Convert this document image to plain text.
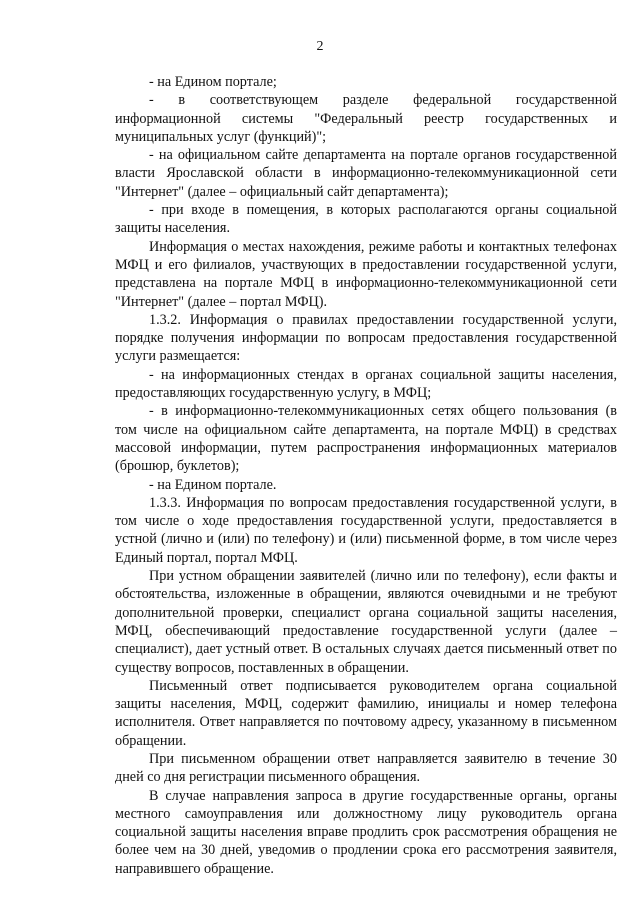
2

- на Едином портале;

- в соответствующем разделе федеральной государственной информационной системы "Федеральный реестр государственных и муниципальных услуг (функций)";

- на официальном сайте департамента на портале органов государственной власти Ярославской области в информационно-телекоммуникационной сети "Интернет" (далее – официальный сайт департамента);

- при входе в помещения, в которых располагаются органы социальной защиты населения.

Информация о местах нахождения, режиме работы и контактных телефонах МФЦ и его филиалов, участвующих в предоставлении государственной услуги, представлена на портале МФЦ в информационно-телекоммуникационной сети "Интернет" (далее – портал МФЦ).

1.3.2. Информация о правилах предоставлении государственной услуги, порядке получения информации по вопросам предоставления государственной услуги размещается:

- на информационных стендах в органах социальной защиты населения, предоставляющих государственную услугу, в МФЦ;

- в информационно-телекоммуникационных сетях общего пользования (в том числе на официальном сайте департамента, на портале МФЦ) в средствах массовой информации, путем распространения информационных материалов (брошюр, буклетов);

- на Едином портале.

1.3.3. Информация по вопросам предоставления государственной услуги, в том числе о ходе предоставления государственной услуги, предоставляется в устной (лично и (или) по телефону) и (или) письменной форме, в том числе через Единый портал, портал МФЦ.

При устном обращении заявителей (лично или по телефону), если факты и обстоятельства, изложенные в обращении, являются очевидными и не требуют дополнительной проверки, специалист органа социальной защиты населения, МФЦ, обеспечивающий предоставление государственной услуги (далее – специалист), дает устный ответ. В остальных случаях дается письменный ответ по существу вопросов, поставленных в обращении.

Письменный ответ подписывается руководителем органа социальной защиты населения, МФЦ, содержит фамилию, инициалы и номер телефона исполнителя. Ответ направляется по почтовому адресу, указанному в письменном обращении.

При письменном обращении ответ направляется заявителю в течение 30 дней со дня регистрации письменного обращения.

В случае направления запроса в другие государственные органы, органы местного самоуправления или должностному лицу руководитель органа социальной защиты населения вправе продлить срок рассмотрения обращения не более чем на 30 дней, уведомив о продлении срока его рассмотрения заявителя, направившего обращение.
